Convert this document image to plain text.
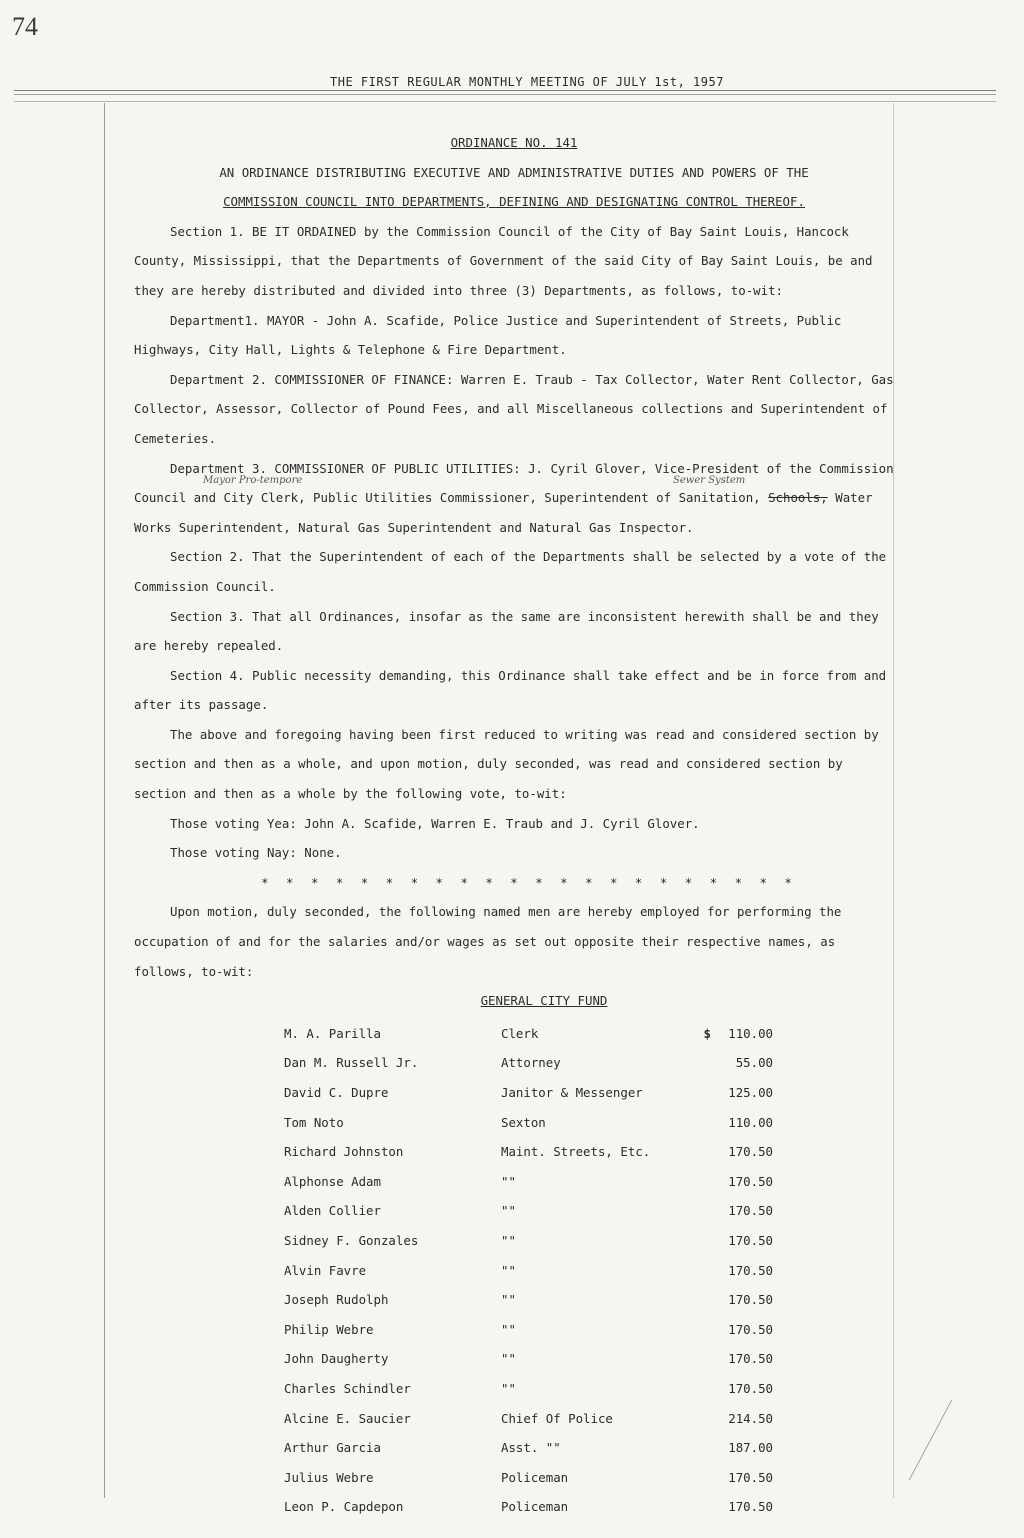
74
THE FIRST REGULAR MONTHLY MEETING OF JULY 1st, 1957
Mayor Pro-tempore	Sewer System

ORDINANCE NO. 141

AN ORDINANCE DISTRIBUTING EXECUTIVE AND ADMINISTRATIVE DUTIES AND POWERS OF THE

COMMISSION COUNCIL INTO DEPARTMENTS, DEFINING AND DESIGNATING CONTROL THEREOF.

Section 1. BE IT ORDAINED by the Commission Council of the City of Bay Saint Louis, Hancock County, Mississippi, that the Departments of Government of the said City of Bay Saint Louis, be and they are hereby distributed and divided into three (3) Departments, as follows, to-wit:

Department1. MAYOR - John A. Scafide, Police Justice and Superintendent of Streets, Public Highways, City Hall, Lights & Telephone & Fire Department.

Department 2. COMMISSIONER OF FINANCE: Warren E. Traub - Tax Collector, Water Rent Collector, Gas Collector, Assessor, Collector of Pound Fees, and all Miscellaneous collections and Superintendent of Cemeteries.

Department 3. COMMISSIONER OF PUBLIC UTILITIES: J. Cyril Glover, Vice-President of the Commission Council and City Clerk, Public Utilities Commissioner, Superintendent of Sanitation, Schools, Water Works Superintendent, Natural Gas Superintendent and Natural Gas Inspector.

Section 2. That the Superintendent of each of the Departments shall be selected by a vote of the Commission Council.

Section 3. That all Ordinances, insofar as the same are inconsistent herewith shall be and they are hereby repealed.

Section 4. Public necessity demanding, this Ordinance shall take effect and be in force from and after its passage.

The above and foregoing having been first reduced to writing was read and considered section by section and then as a whole, and upon motion, duly seconded, was read and considered section by section and then as a whole by the following vote, to-wit:

Those voting Yea: John A. Scafide, Warren E. Traub and J. Cyril Glover.

Those voting Nay: None.

* * * * * * * * * * * * * * * * * * * * * *

Upon motion, duly seconded, the following named men are hereby employed for performing the occupation of and for the salaries and/or wages as set out opposite their respective names, as follows, to-wit:

GENERAL CITY FUND

M. A. Parilla	Clerk	$	110.00
Dan M. Russell Jr.	Attorney		55.00
David C. Dupre	Janitor & Messenger		125.00
Tom Noto	Sexton		110.00
Richard Johnston	Maint. Streets, Etc.		170.50
Alphonse Adam	""		170.50
Alden Collier	""		170.50
Sidney F. Gonzales	""		170.50
Alvin Favre	""		170.50
Joseph Rudolph	""		170.50
Philip Webre	""		170.50
John Daugherty	""		170.50
Charles Schindler	""		170.50
Alcine E. Saucier	Chief Of Police		214.50
Arthur Garcia	Asst. ""		187.00
Julius Webre	Policeman		170.50
Leon P. Capdepon	Policeman		170.50
